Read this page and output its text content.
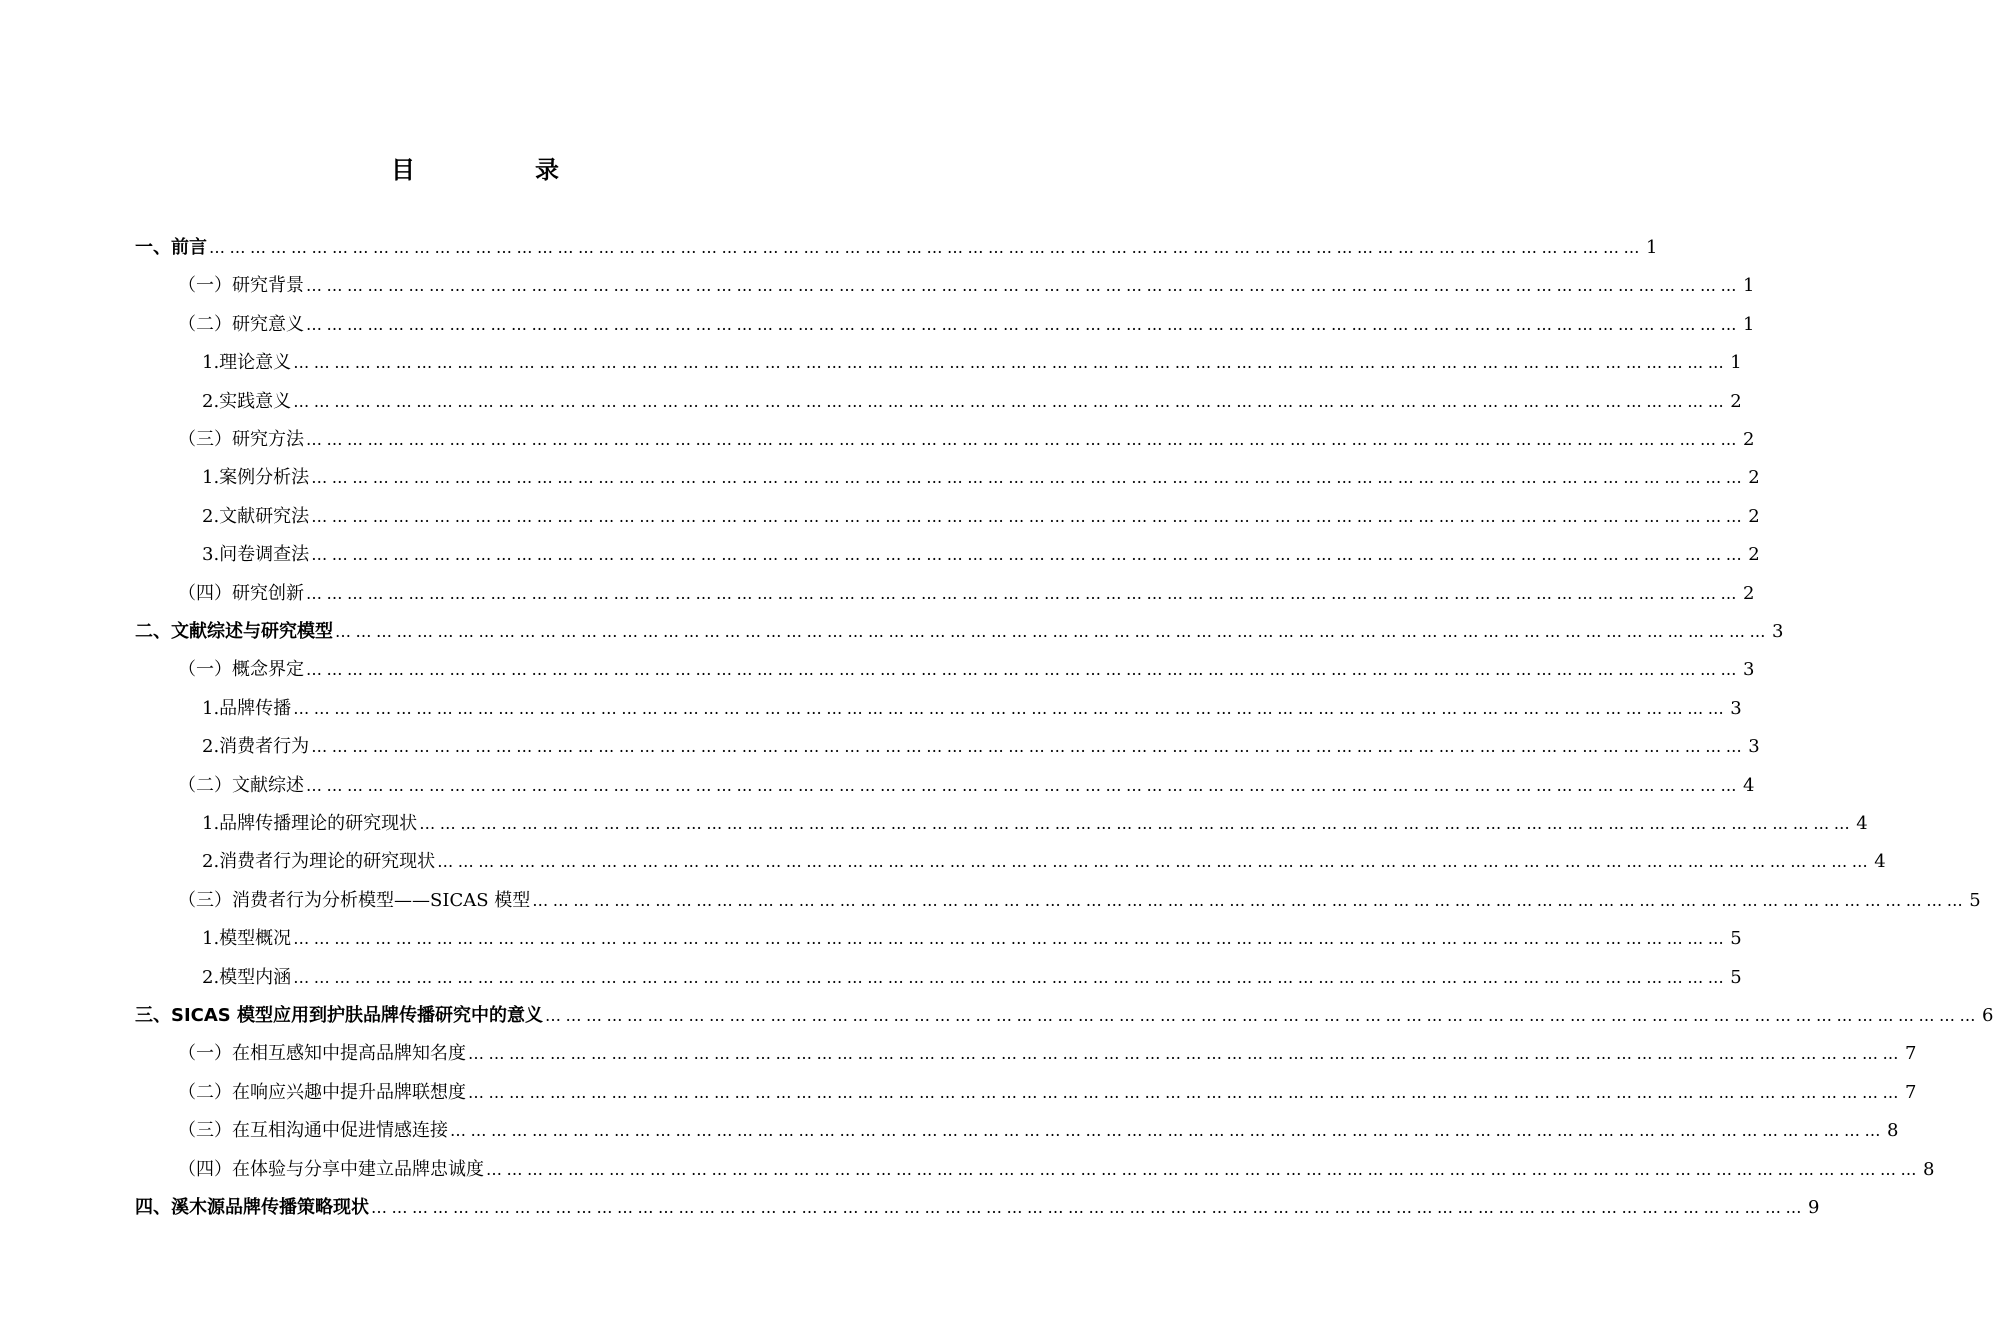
目　录
一、前言 ………………………………………………………………………………………………………………………………………………………………………………………… 1
（一）研究背景 ………………………………………………………………………………………………………………………………………………………………………………………… 1
（二）研究意义 ………………………………………………………………………………………………………………………………………………………………………………………… 1
1.理论意义 ………………………………………………………………………………………………………………………………………………………………………………………… 1
2.实践意义 ………………………………………………………………………………………………………………………………………………………………………………………… 2
（三）研究方法 ………………………………………………………………………………………………………………………………………………………………………………………… 2
1.案例分析法 ………………………………………………………………………………………………………………………………………………………………………………………… 2
2.文献研究法 ………………………………………………………………………………………………………………………………………………………………………………………… 2
3.问卷调查法 ………………………………………………………………………………………………………………………………………………………………………………………… 2
（四）研究创新 ………………………………………………………………………………………………………………………………………………………………………………………… 2
二、文献综述与研究模型 ………………………………………………………………………………………………………………………………………………………………………………………… 3
（一）概念界定 ………………………………………………………………………………………………………………………………………………………………………………………… 3
1.品牌传播 ………………………………………………………………………………………………………………………………………………………………………………………… 3
2.消费者行为 ………………………………………………………………………………………………………………………………………………………………………………………… 3
（二）文献综述 ………………………………………………………………………………………………………………………………………………………………………………………… 4
1.品牌传播理论的研究现状 ………………………………………………………………………………………………………………………………………………………………………………………… 4
2.消费者行为理论的研究现状 ………………………………………………………………………………………………………………………………………………………………………………………… 4
（三）消费者行为分析模型——SICAS 模型 ………………………………………………………………………………………………………………………………………………………………………………………… 5
1.模型概况 ………………………………………………………………………………………………………………………………………………………………………………………… 5
2.模型内涵 ………………………………………………………………………………………………………………………………………………………………………………………… 5
三、SICAS 模型应用到护肤品牌传播研究中的意义 ………………………………………………………………………………………………………………………………………………………………………………………… 6
（一）在相互感知中提高品牌知名度 ………………………………………………………………………………………………………………………………………………………………………………………… 7
（二）在响应兴趣中提升品牌联想度 ………………………………………………………………………………………………………………………………………………………………………………………… 7
（三）在互相沟通中促进情感连接 ………………………………………………………………………………………………………………………………………………………………………………………… 8
（四）在体验与分享中建立品牌忠诚度 ………………………………………………………………………………………………………………………………………………………………………………………… 8
四、溪木源品牌传播策略现状 ………………………………………………………………………………………………………………………………………………………………………………………… 9
